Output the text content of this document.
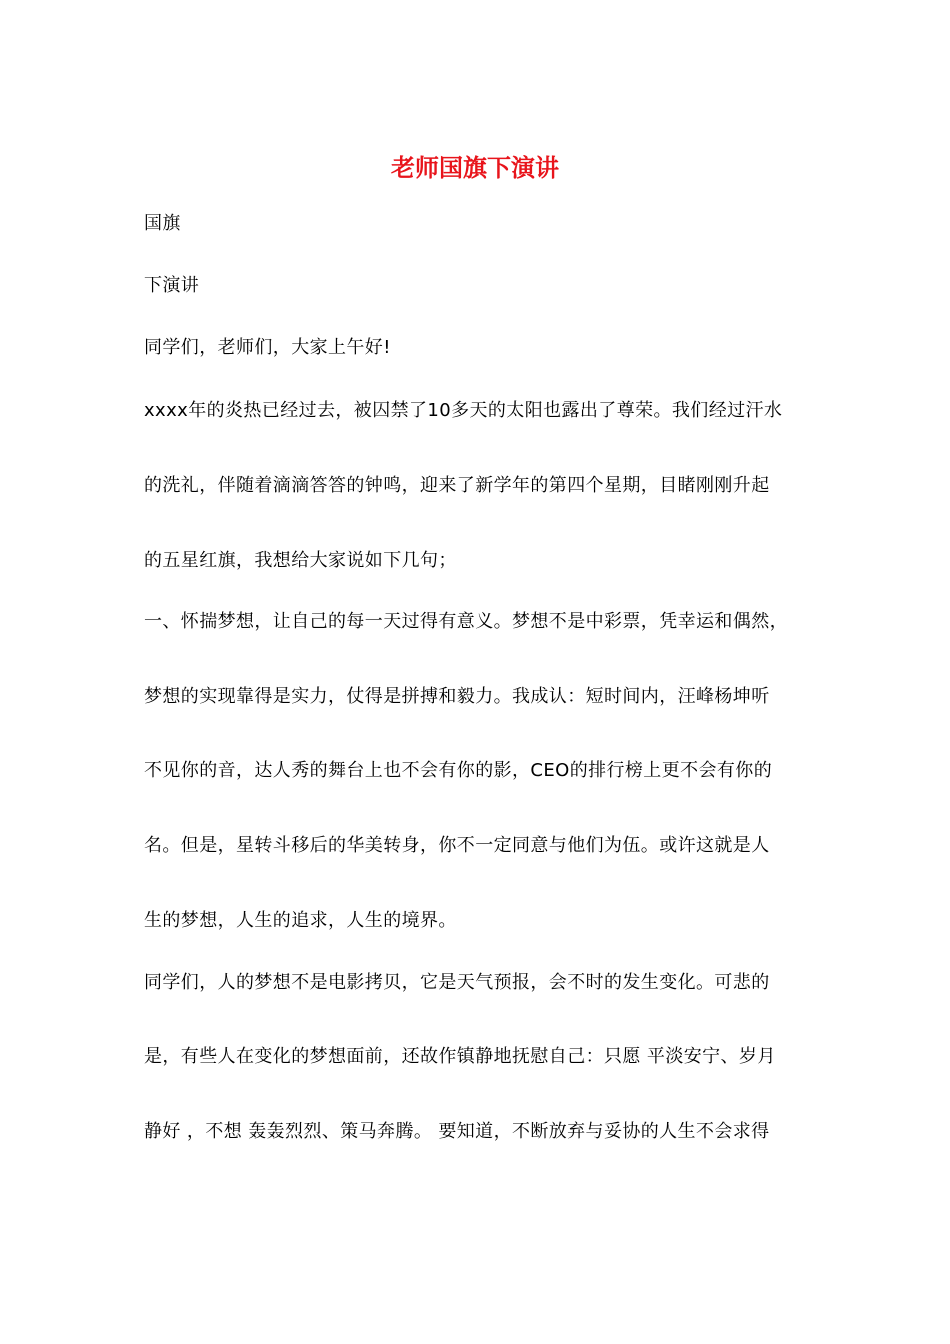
老师国旗下演讲

国旗

下演讲

同学们，老师们，大家上午好!

xxxx年的炎热已经过去，被囚禁了10多天的太阳也露出了尊荣。我们经过汗水

的洗礼，伴随着滴滴答答的钟鸣，迎来了新学年的第四个星期，目睹刚刚升起

的五星红旗，我想给大家说如下几句；

一、怀揣梦想，让自己的每一天过得有意义。梦想不是中彩票，凭幸运和偶然，

梦想的实现靠得是实力，仗得是拼搏和毅力。我成认：短时间内，汪峰杨坤听

不见你的音，达人秀的舞台上也不会有你的影，CEO的排行榜上更不会有你的

名。但是，星转斗移后的华美转身，你不一定同意与他们为伍。或许这就是人

生的梦想，人生的追求，人生的境界。

同学们，人的梦想不是电影拷贝，它是天气预报，会不时的发生变化。可悲的

是，有些人在变化的梦想面前，还故作镇静地抚慰自己：只愿 平淡安宁、岁月

静好 ，不想 轰轰烈烈、策马奔腾。 要知道，不断放弃与妥协的人生不会求得
